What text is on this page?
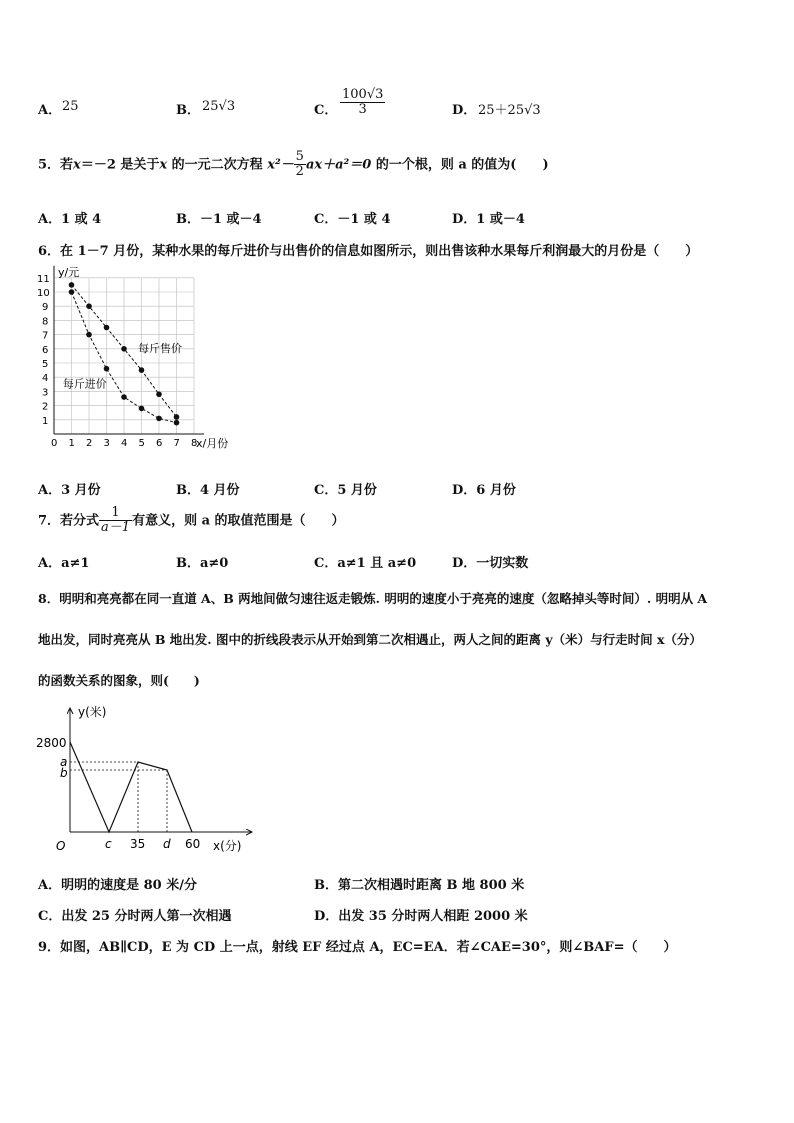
A． 25	B． 25√3	C． $\frac{100√3}{3}$	D． 25＋25√3
5．若x＝－2 是关于x 的一元二次方程 $x^2- \frac{5}{2} ax+a^2=0$ 的一个根，则 a 的值为(　　)
A．1 或 4	B．－1 或－4	C．－1 或 4	D．1 或－4
6．在 1－7 月份，某种水果的每斤进价与出售价的信息如图所示，则出售该种水果每斤利润最大的月份是（　　）
0 1 2 3 4 5 6 7 8
1
2
3
4
5
6
7
8
9
10
11
y/元
x/月份
每斤售价
每斤进价
A．3 月份	B．4 月份	C．5 月份	D．6 月份
7．若分式 $\frac{1}{a-1}$ 有意义，则 a 的取值范围是（　　）
A．a≠1	B．a≠0	C．a≠1 且 a≠0	D．一切实数
8．明明和亮亮都在同一直道 A、B 两地间做匀速往返走锻炼. 明明的速度小于亮亮的速度（忽略掉头等时间）. 明明从 A
地出发，同时亮亮从 B 地出发. 图中的折线段表示从开始到第二次相遇止，两人之间的距离 y（米）与行走时间 x（分）
的函数关系的图象，则(　　)
y(米)
x(分)
O
2800
a
b
c 35 d 60
A．明明的速度是 80 米/分	B．第二次相遇时距离 B 地 800 米
C．出发 25 分时两人第一次相遇	D．出发 35 分时两人相距 2000 米
9．如图，AB∥CD，E 为 CD 上一点，射线 EF 经过点 A，EC=EA．若∠CAE=30°，则∠BAF=（　　）
